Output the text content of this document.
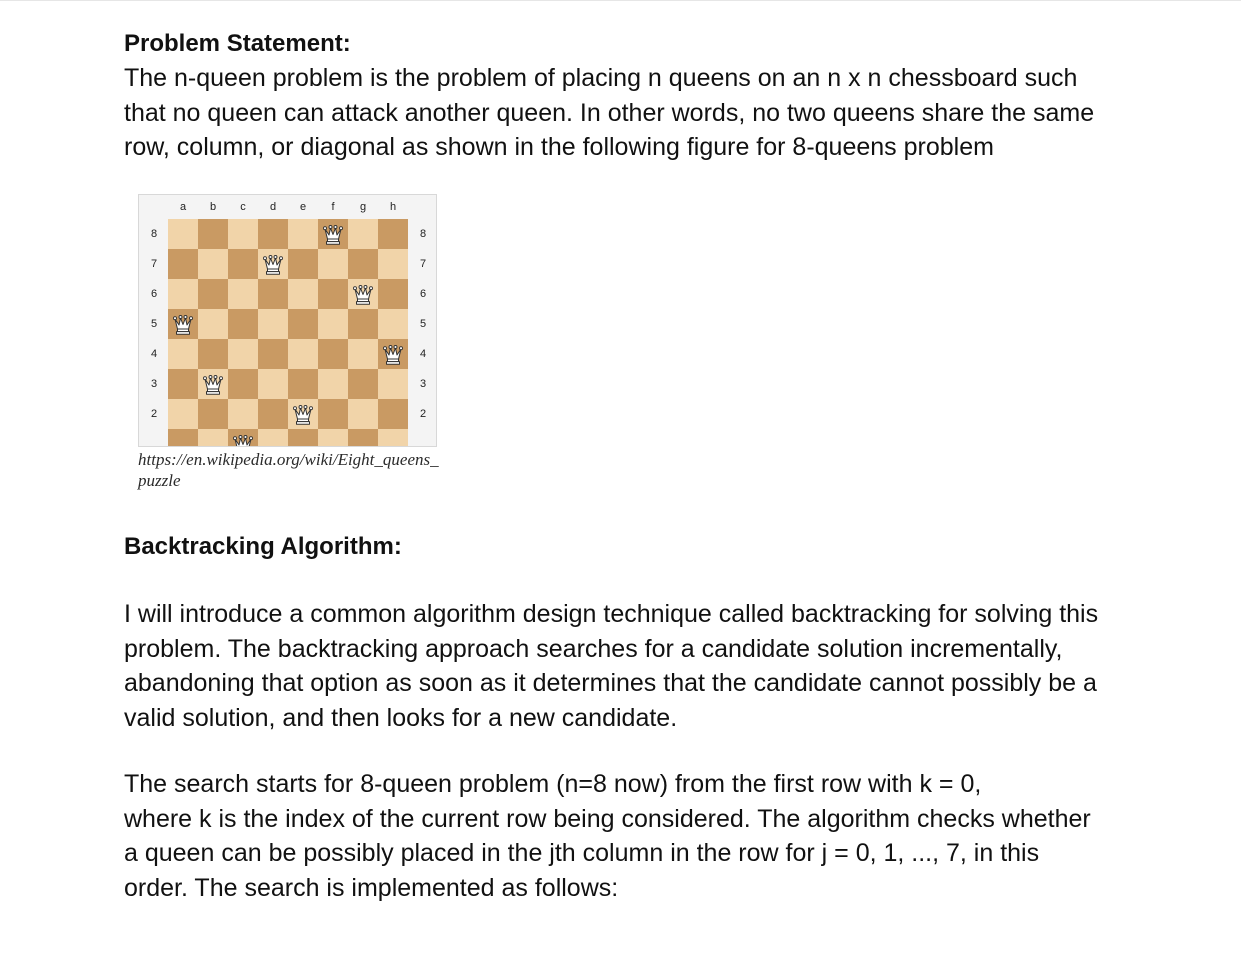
Problem Statement:
The n-queen problem is the problem of placing n queens on an n x n chessboard such
that no queen can attack another queen. In other words, no two queens share the same
row, column, or diagonal as shown in the following figure for 8-queens problem
a	b	c	d	e	f	g	h
8
7
6
5
4
3
2
8
7
6
5
4
3
2
https://en.wikipedia.org/wiki/Eight_queens_
puzzle
Backtracking Algorithm:
I will introduce a common algorithm design technique called backtracking for solving this
problem. The backtracking approach searches for a candidate solution incrementally,
abandoning that option as soon as it determines that the candidate cannot possibly be a
valid solution, and then looks for a new candidate.
The search starts for 8-queen problem (n=8 now) from the first row with k = 0,
where k is the index of the current row being considered. The algorithm checks whether
a queen can be possibly placed in the jth column in the row for j = 0, 1, ..., 7, in this
order. The search is implemented as follows:
